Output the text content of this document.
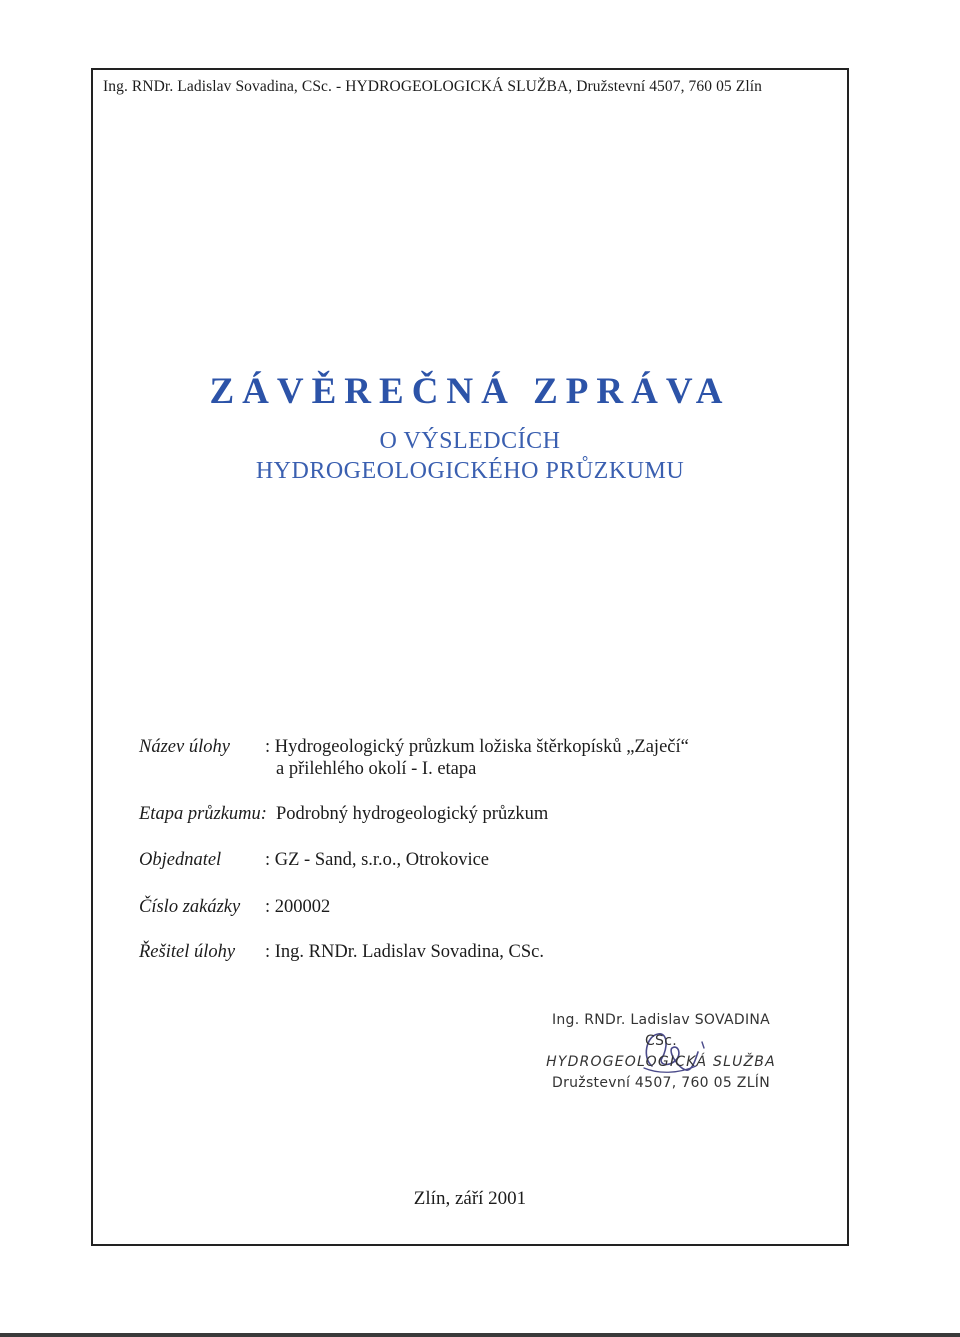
Ing. RNDr. Ladislav Sovadina, CSc. - HYDROGEOLOGICKÁ SLUŽBA, Družstevní 4507, 760 05 Zlín
ZÁVĚREČNÁ ZPRÁVA
O VÝSLEDCÍCH
HYDROGEOLOGICKÉHO PRŮZKUMU
Název úlohy : Hydrogeologický průzkum ložiska štěrkopísků „Zaječí“
a přilehlého okolí - I. etapa
Etapa průzkumu: Podrobný hydrogeologický průzkum
Objednatel : GZ - Sand, s.r.o., Otrokovice
Číslo zakázky : 200002
Řešitel úlohy : Ing. RNDr. Ladislav Sovadina, CSc.
Ing. RNDr. Ladislav SOVADINA CSc.
HYDROGEOLOGICKÁ SLUŽBA
Družstevní 4507, 760 05 ZLÍN
Zlín, září 2001
